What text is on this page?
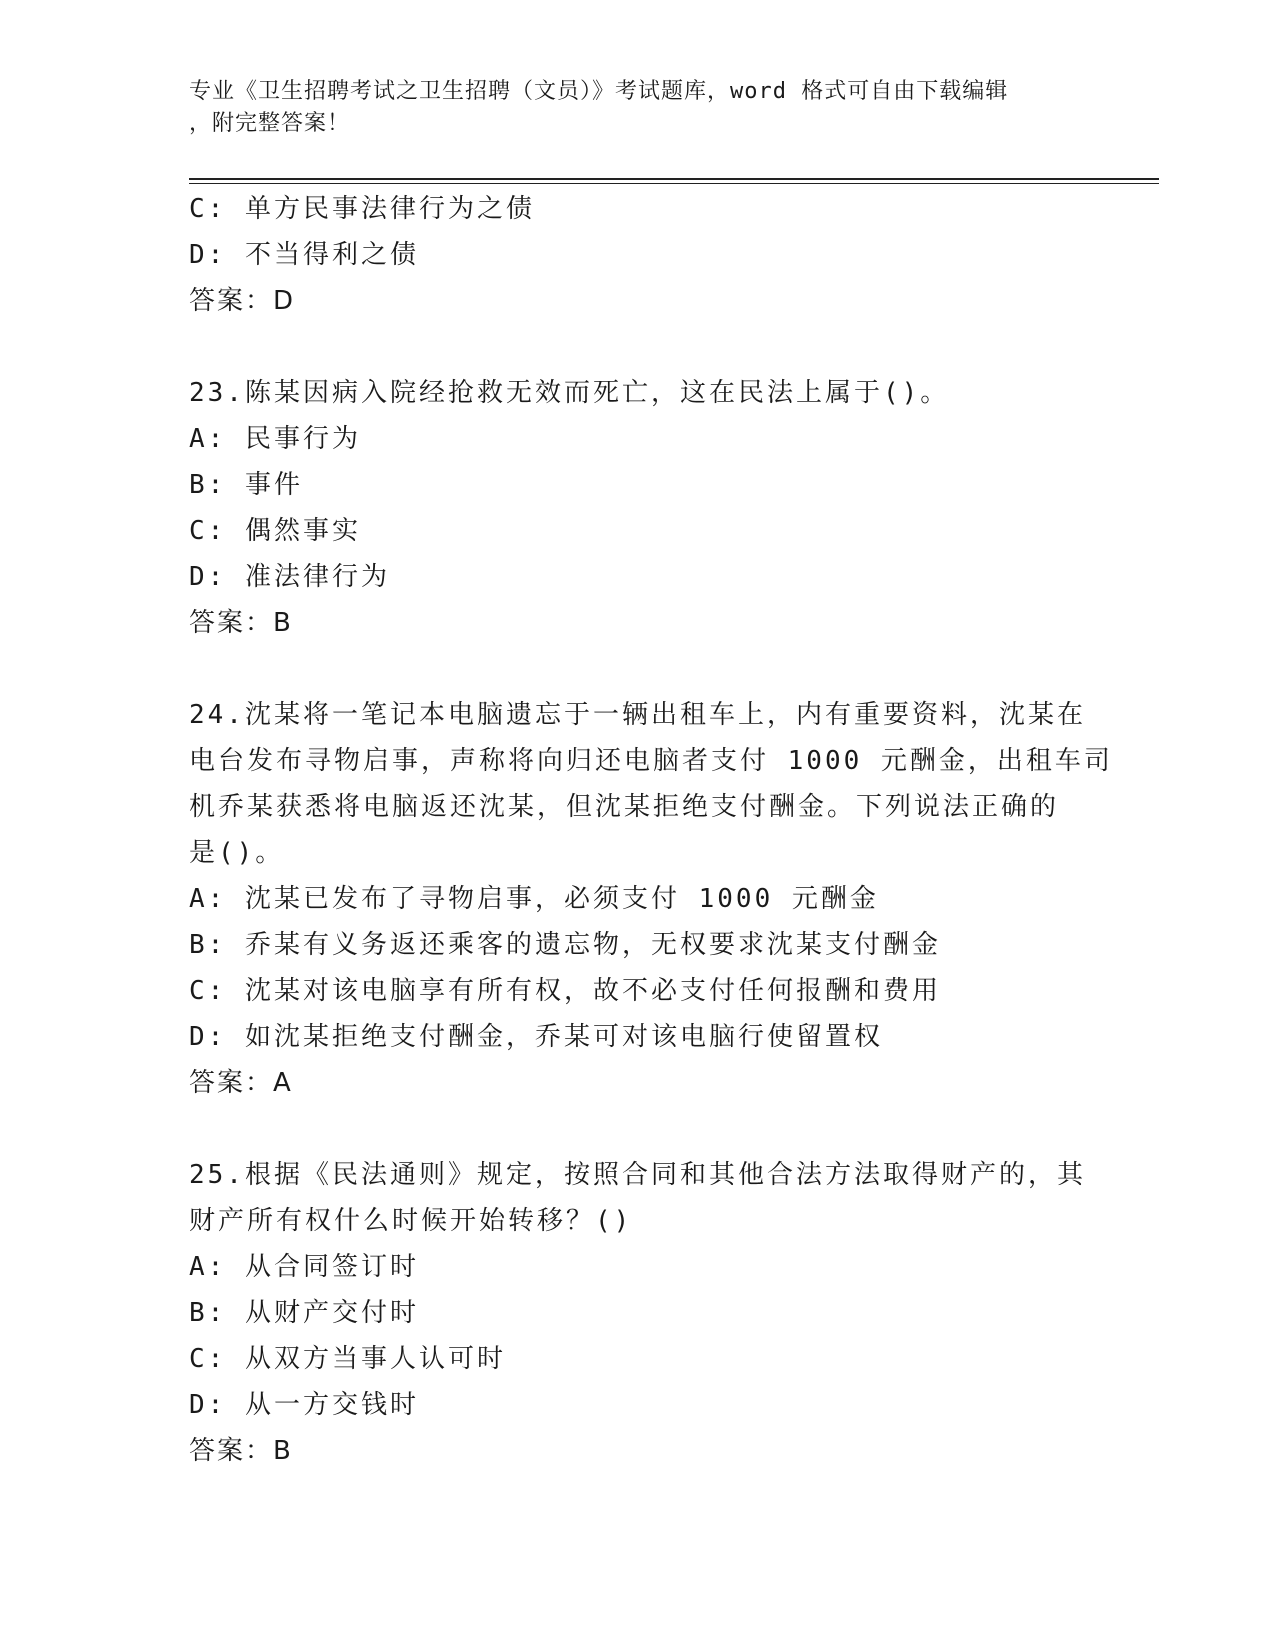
专业《卫生招聘考试之卫生招聘（文员）》考试题库，word 格式可自由下载编辑
，附完整答案！
C: 单方民事法律行为之债
D: 不当得利之债
答案：D
23.陈某因病入院经抢救无效而死亡，这在民法上属于()。
A: 民事行为
B: 事件
C: 偶然事实
D: 准法律行为
答案：B
24.沈某将一笔记本电脑遗忘于一辆出租车上，内有重要资料，沈某在
电台发布寻物启事，声称将向归还电脑者支付 1000 元酬金，出租车司
机乔某获悉将电脑返还沈某，但沈某拒绝支付酬金。下列说法正确的
是()。
A: 沈某已发布了寻物启事，必须支付 1000 元酬金
B: 乔某有义务返还乘客的遗忘物，无权要求沈某支付酬金
C: 沈某对该电脑享有所有权，故不必支付任何报酬和费用
D: 如沈某拒绝支付酬金，乔某可对该电脑行使留置权
答案：A
25.根据《民法通则》规定，按照合同和其他合法方法取得财产的，其
财产所有权什么时候开始转移？()
A: 从合同签订时
B: 从财产交付时
C: 从双方当事人认可时
D: 从一方交钱时
答案：B
